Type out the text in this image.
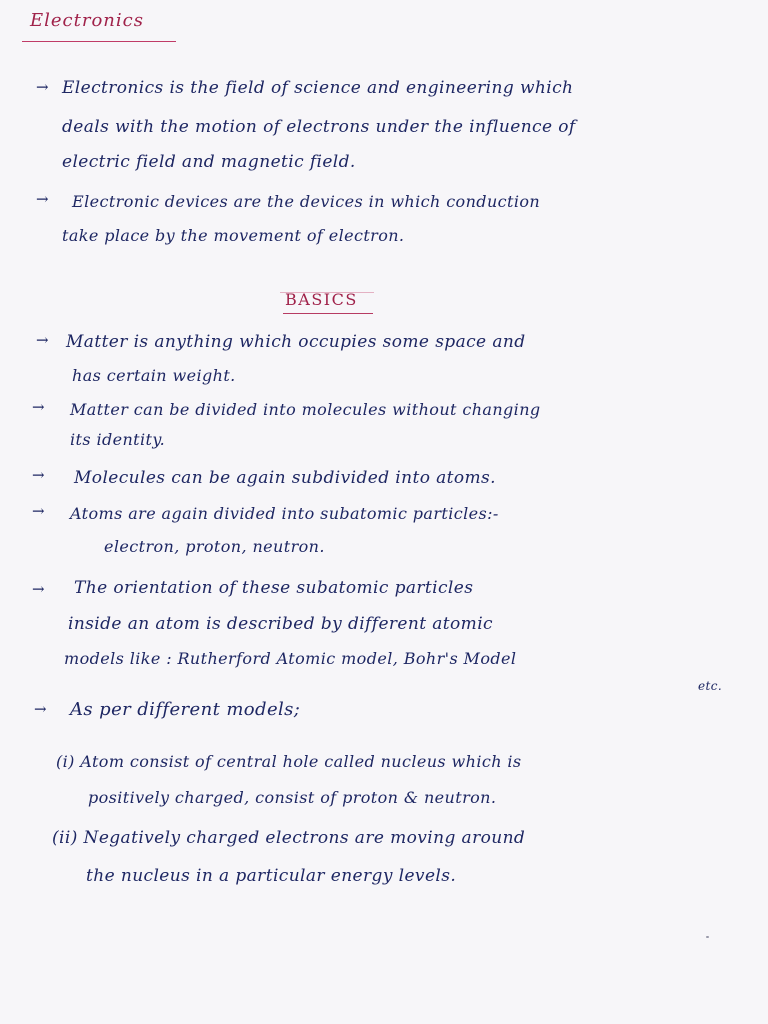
Electronics
→ Electronics is the field of science and engineering which
deals with the motion of electrons under the influence of
electric field and magnetic field.
→ Electronic devices are the devices in which conduction
take place by the movement of electron.
BASICS
→ Matter is anything which occupies some space and
has certain weight.
→ Matter can be divided into molecules without changing
its identity.
→ Molecules can be again subdivided into atoms.
→ Atoms are again divided into subatomic particles:-
electron, proton, neutron.
→ The orientation of these subatomic particles
inside an atom is described by different atomic
models like : Rutherford Atomic model, Bohr's Model
etc.
→ As per different models;
(i) Atom consist of central hole called nucleus which is
positively charged, consist of proton & neutron.
(ii) Negatively charged electrons are moving around
the nucleus in a particular energy levels.
